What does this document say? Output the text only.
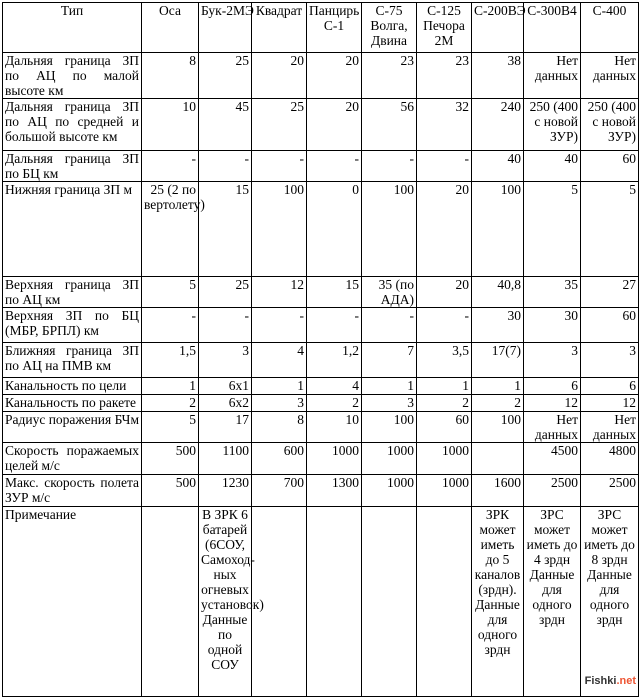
Тип	Оса	Бук-2МЭ	Квадрат	Панцирь С-1	С-75 Волга, Двина	С-125 Печора 2М	С-200ВЭ	С-300В4	С-400
Дальняя граница ЗП по АЦ по малой высоте км	8	25	20	20	23	23	38	Нет данных	Нет данных
Дальняя граница ЗП по АЦ по средней и большой высоте км	10	45	25	20	56	32	240	250 (400 с новой ЗУР)	250 (400 с новой ЗУР)
Дальняя граница ЗП по БЦ км	-	-	-	-	-	-	40	40	60
Нижняя граница ЗП м	25 (2 по вертолету)	15	100	0	100	20	100	5	5
Верхняя граница ЗП по АЦ км	5	25	12	15	35 (по АДА)	20	40,8	35	27
Верхняя ЗП по БЦ (МБР, БРПЛ) км	-	-	-	-	-	-	30	30	60
Ближняя граница ЗП по АЦ на ПМВ км	1,5	3	4	1,2	7	3,5	17(7)	3	3
Канальность по цели	1	6х1	1	4	1	1	1	6	6
Канальность по ракете	2	6х2	3	2	3	2	2	12	12
Радиус поражения БЧм	5	17	8	10	100	60	100	Нет данных	Нет данных
Скорость поражаемых целей м/с	500	1100	600	1000	1000	1000		4500	4800
Макс. скорость полета ЗУР м/с	500	1230	700	1300	1000	1000	1600	2500	2500
Примечание		В ЗРК 6 батарей (6СОУ, Самоход-ных огневых установок) Данные по одной СОУ					ЗРК может иметь до 5 каналов (зрдн). Данные для одного зрдн	ЗРС может иметь до 4 зрдн Данные для одного зрдн	ЗРС может иметь до 8 зрдн Данные для одного зрдн
Fishki.net
